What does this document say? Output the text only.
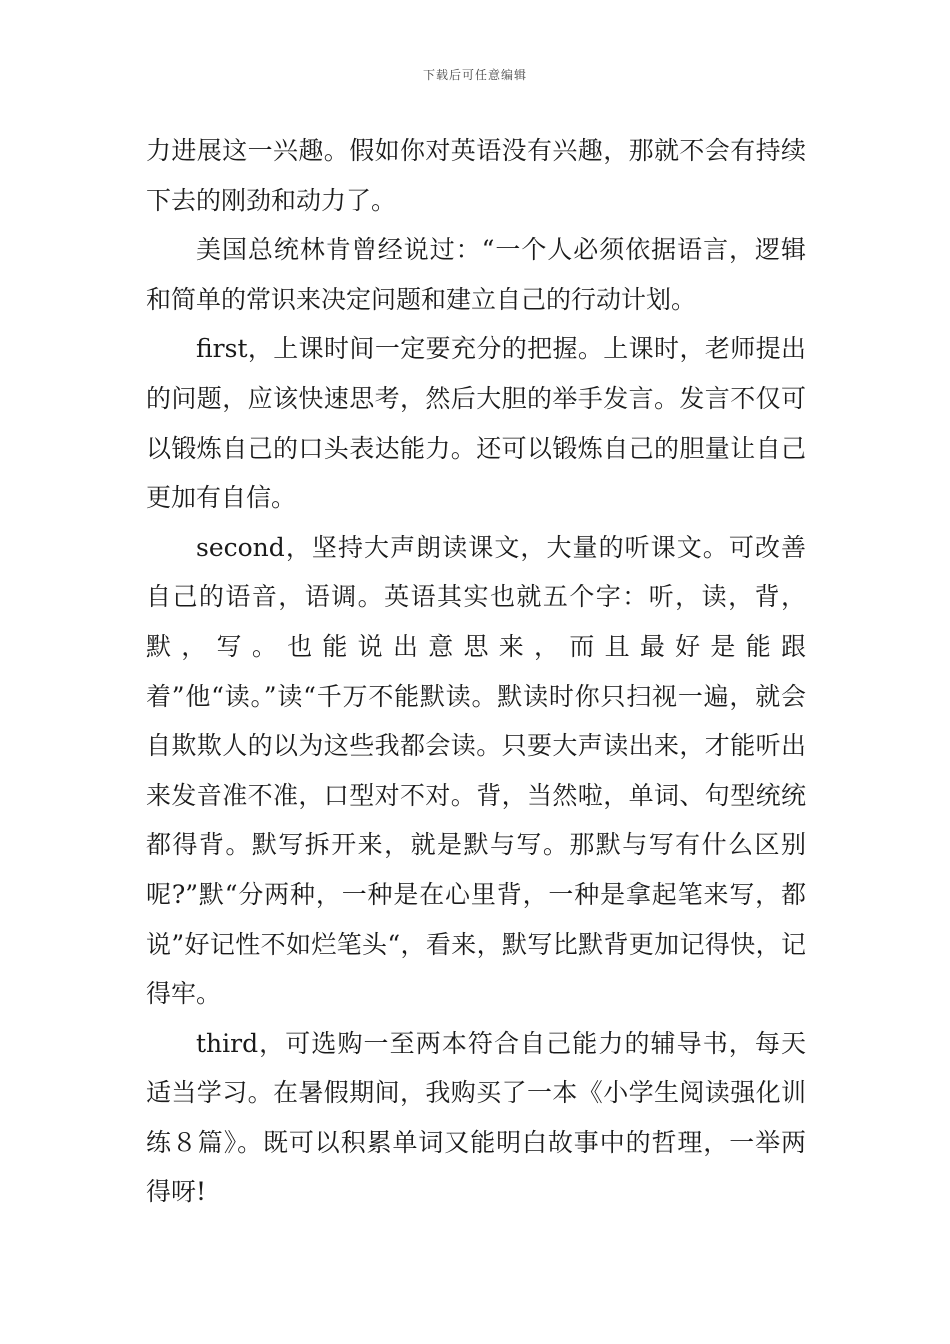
下载后可任意编辑

力进展这一兴趣。假如你对英语没有兴趣，那就不会有持续下去的刚劲和动力了。

美国总统林肯曾经说过：“一个人必须依据语言，逻辑和简单的常识来决定问题和建立自己的行动计划。

first，上课时间一定要充分的把握。上课时，老师提出的问题，应该快速思考，然后大胆的举手发言。发言不仅可以锻炼自己的口头表达能力。还可以锻炼自己的胆量让自己更加有自信。

second，坚持大声朗读课文，大量的听课文。可改善自己的语音，语调。英语其实也就五个字：听，读，背，默，写。也能说出意思来，而且最好是能跟着”他“读。”读“千万不能默读。默读时你只扫视一遍，就会自欺欺人的以为这些我都会读。只要大声读出来，才能听出来发音准不准，口型对不对。背，当然啦，单词、句型统统都得背。默写拆开来，就是默与写。那默与写有什么区别呢?”默“分两种，一种是在心里背，一种是拿起笔来写，都说”好记性不如烂笔头“，看来，默写比默背更加记得快，记得牢。

third，可选购一至两本符合自己能力的辅导书，每天适当学习。在暑假期间，我购买了一本《小学生阅读强化训练８篇》。既可以积累单词又能明白故事中的哲理，一举两得呀!
